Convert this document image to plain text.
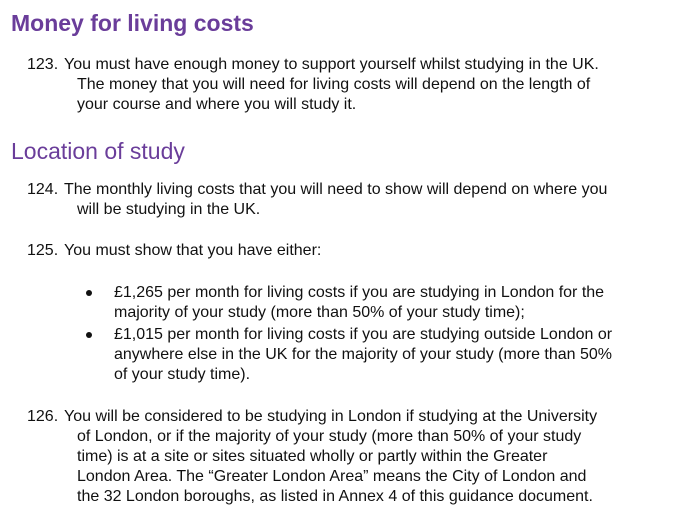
Money for living costs
123. You must have enough money to support yourself whilst studying in the UK.
The money that you will need for living costs will depend on the length of
your course and where you will study it.
Location of study
124. The monthly living costs that you will need to show will depend on where you
will be studying in the UK.
125. You must show that you have either:
£1,265 per month for living costs if you are studying in London for the
majority of your study (more than 50% of your study time);
£1,015 per month for living costs if you are studying outside London or
anywhere else in the UK for the majority of your study (more than 50%
of your study time).
126. You will be considered to be studying in London if studying at the University
of London, or if the majority of your study (more than 50% of your study
time) is at a site or sites situated wholly or partly within the Greater
London Area. The “Greater London Area” means the City of London and
the 32 London boroughs, as listed in Annex 4 of this guidance document.
